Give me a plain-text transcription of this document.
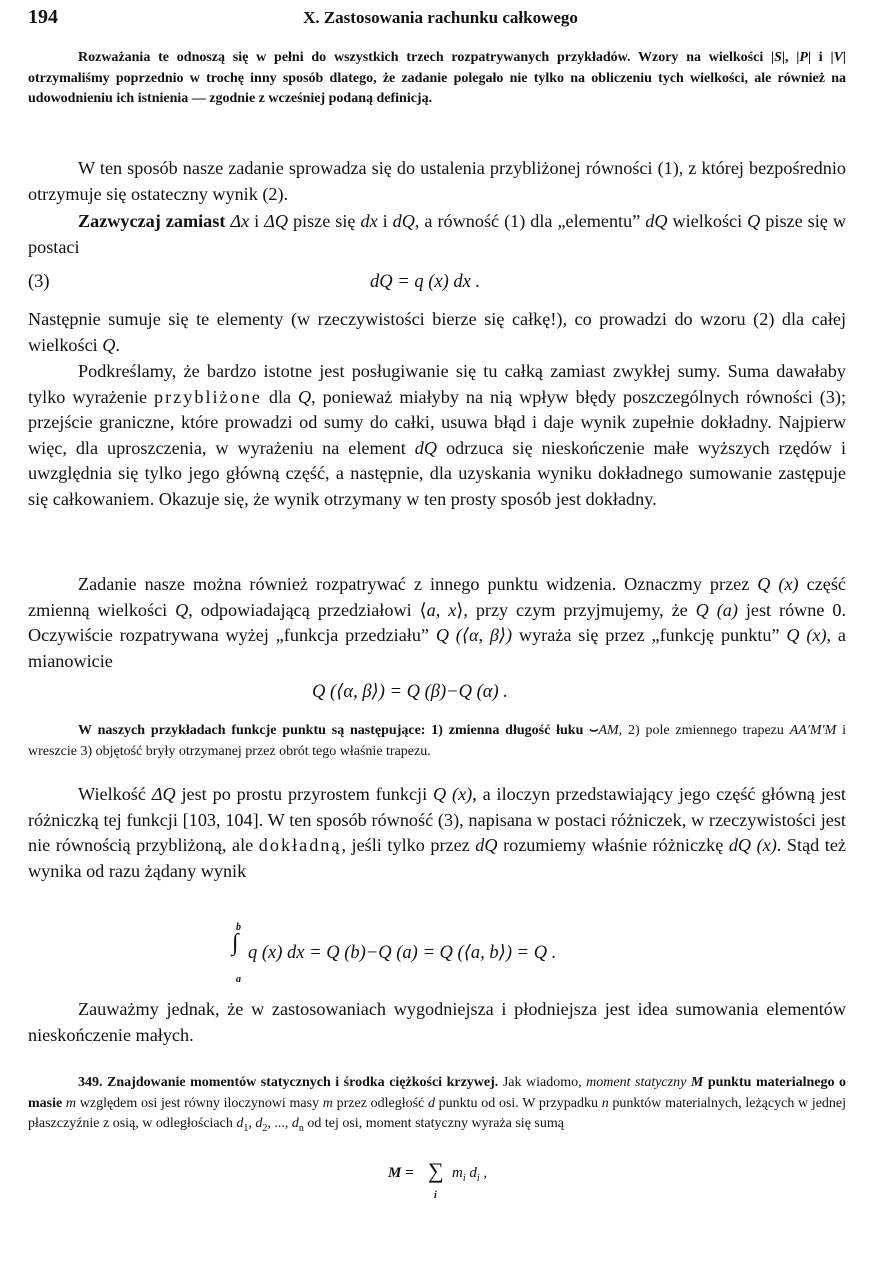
194	X. Zastosowania rachunku całkowego

Rozważania te odnoszą się w pełni do wszystkich trzech rozpatrywanych przykładów. Wzory na wielkości |S|, |P| i |V| otrzymaliśmy poprzednio w trochę inny sposób dlatego, że zadanie polegało nie tylko na obliczeniu tych wielkości, ale również na udowodnieniu ich istnienia — zgodnie z wcześniej podaną definicją.

W ten sposób nasze zadanie sprowadza się do ustalenia przybliżonej równości (1), z której bezpośrednio otrzymuje się ostateczny wynik (2).

Zazwyczaj zamiast Δx i ΔQ pisze się dx i dQ, a równość (1) dla „elementu” dQ wielkości Q pisze się w postaci

(3)	dQ = q (x) dx .

Następnie sumuje się te elementy (w rzeczywistości bierze się całkę!), co prowadzi do wzoru (2) dla całej wielkości Q.

Podkreślamy, że bardzo istotne jest posługiwanie się tu całką zamiast zwykłej sumy. Suma dawałaby tylko wyrażenie przybliżone dla Q, ponieważ miałyby na nią wpływ błędy poszczególnych równości (3); przejście graniczne, które prowadzi od sumy do całki, usuwa błąd i daje wynik zupełnie dokładny. Najpierw więc, dla uproszczenia, w wyrażeniu na element dQ odrzuca się nieskończenie małe wyższych rzędów i uwzględnia się tylko jego główną część, a następnie, dla uzyskania wyniku dokładnego sumowanie zastępuje się całkowaniem. Okazuje się, że wynik otrzymany w ten prosty sposób jest dokładny.

Zadanie nasze można również rozpatrywać z innego punktu widzenia. Oznaczmy przez Q (x) część zmienną wielkości Q, odpowiadającą przedziałowi ⟨a, x⟩, przy czym przyjmujemy, że Q (a) jest równe 0. Oczywiście rozpatrywana wyżej „funkcja przedziału” Q (⟨α, β⟩) wyraża się przez „funkcję punktu” Q (x), a mianowicie

Q (⟨α, β⟩) = Q (β)−Q (α) .

W naszych przykładach funkcje punktu są następujące: 1) zmienna długość łuku ⌣AM, 2) pole zmiennego trapezu AA′M′M i wreszcie 3) objętość bryły otrzymanej przez obrót tego właśnie trapezu.

Wielkość ΔQ jest po prostu przyrostem funkcji Q (x), a iloczyn przedstawiający jego część główną jest różniczką tej funkcji [103, 104]. W ten sposób równość (3), napisana w postaci różniczek, w rzeczywistości jest nie równością przybliżoną, ale dokładną, jeśli tylko przez dQ rozumiemy właśnie różniczkę dQ (x). Stąd też wynika od razu żądany wynik

b
∫ q (x) dx = Q (b)−Q (a) = Q (⟨a, b⟩) = Q .
a

Zauważmy jednak, że w zastosowaniach wygodniejsza i płodniejsza jest idea sumowania elementów nieskończenie małych.

349. Znajdowanie momentów statycznych i środka ciężkości krzywej. Jak wiadomo, moment statyczny M punktu materialnego o masie m względem osi jest równy iloczynowi masy m przez odległość d punktu od osi. W przypadku n punktów materialnych, leżących w jednej płaszczyźnie z osią, w odległościach $d_1$, $d_2$, ..., $d_n$ od tej osi, moment statyczny wyraża się sumą

M = ∑
i
$m_i$ $d_i$ ,
